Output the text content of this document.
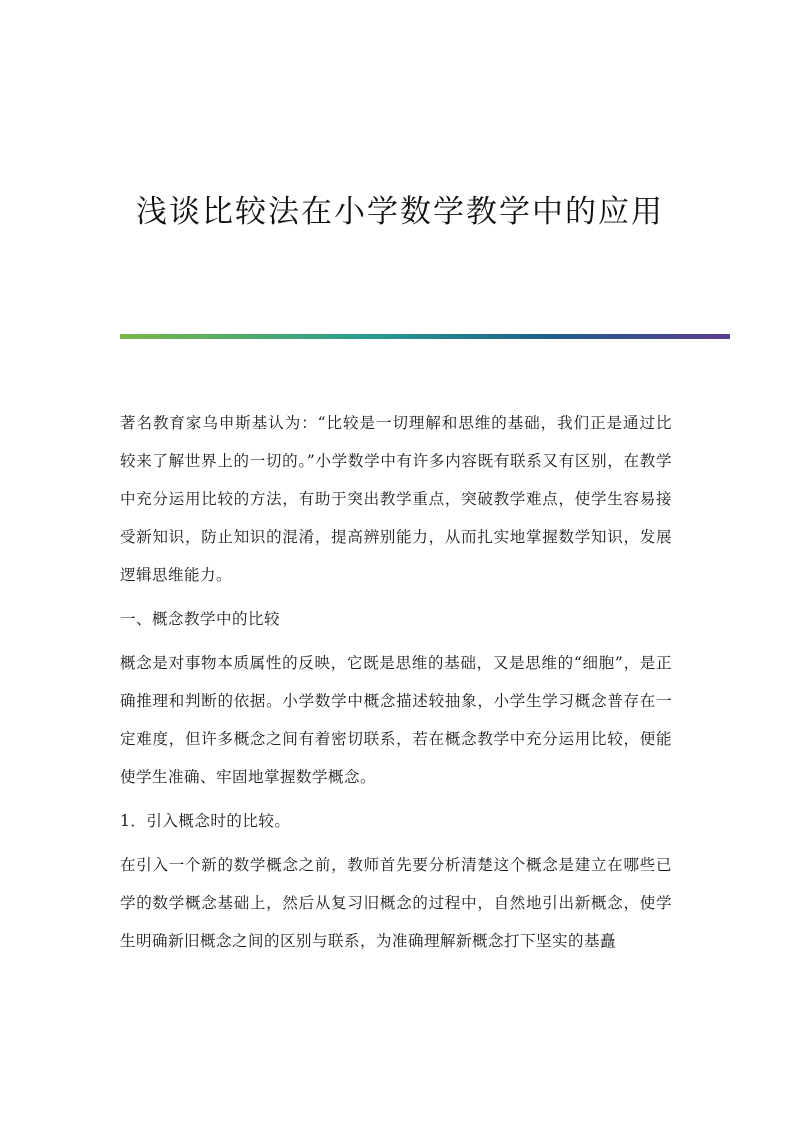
浅谈比较法在小学数学教学中的应用

著名教育家乌申斯基认为：“比较是一切理解和思维的基础，我们正是通过比较来了解世界上的一切的。”小学数学中有许多内容既有联系又有区别，在教学中充分运用比较的方法，有助于突出教学重点，突破教学难点，使学生容易接受新知识，防止知识的混淆，提高辨别能力，从而扎实地掌握数学知识，发展逻辑思维能力。

一、概念教学中的比较

概念是对事物本质属性的反映，它既是思维的基础，又是思维的“细胞”，是正确推理和判断的依据。小学数学中概念描述较抽象，小学生学习概念普存在一定难度，但许多概念之间有着密切联系，若在概念教学中充分运用比较，便能使学生准确、牢固地掌握数学概念。

1．引入概念时的比较。

在引入一个新的数学概念之前，教师首先要分析清楚这个概念是建立在哪些已学的数学概念基础上，然后从复习旧概念的过程中，自然地引出新概念，使学生明确新旧概念之间的区别与联系，为准确理解新概念打下坚实的基矗
